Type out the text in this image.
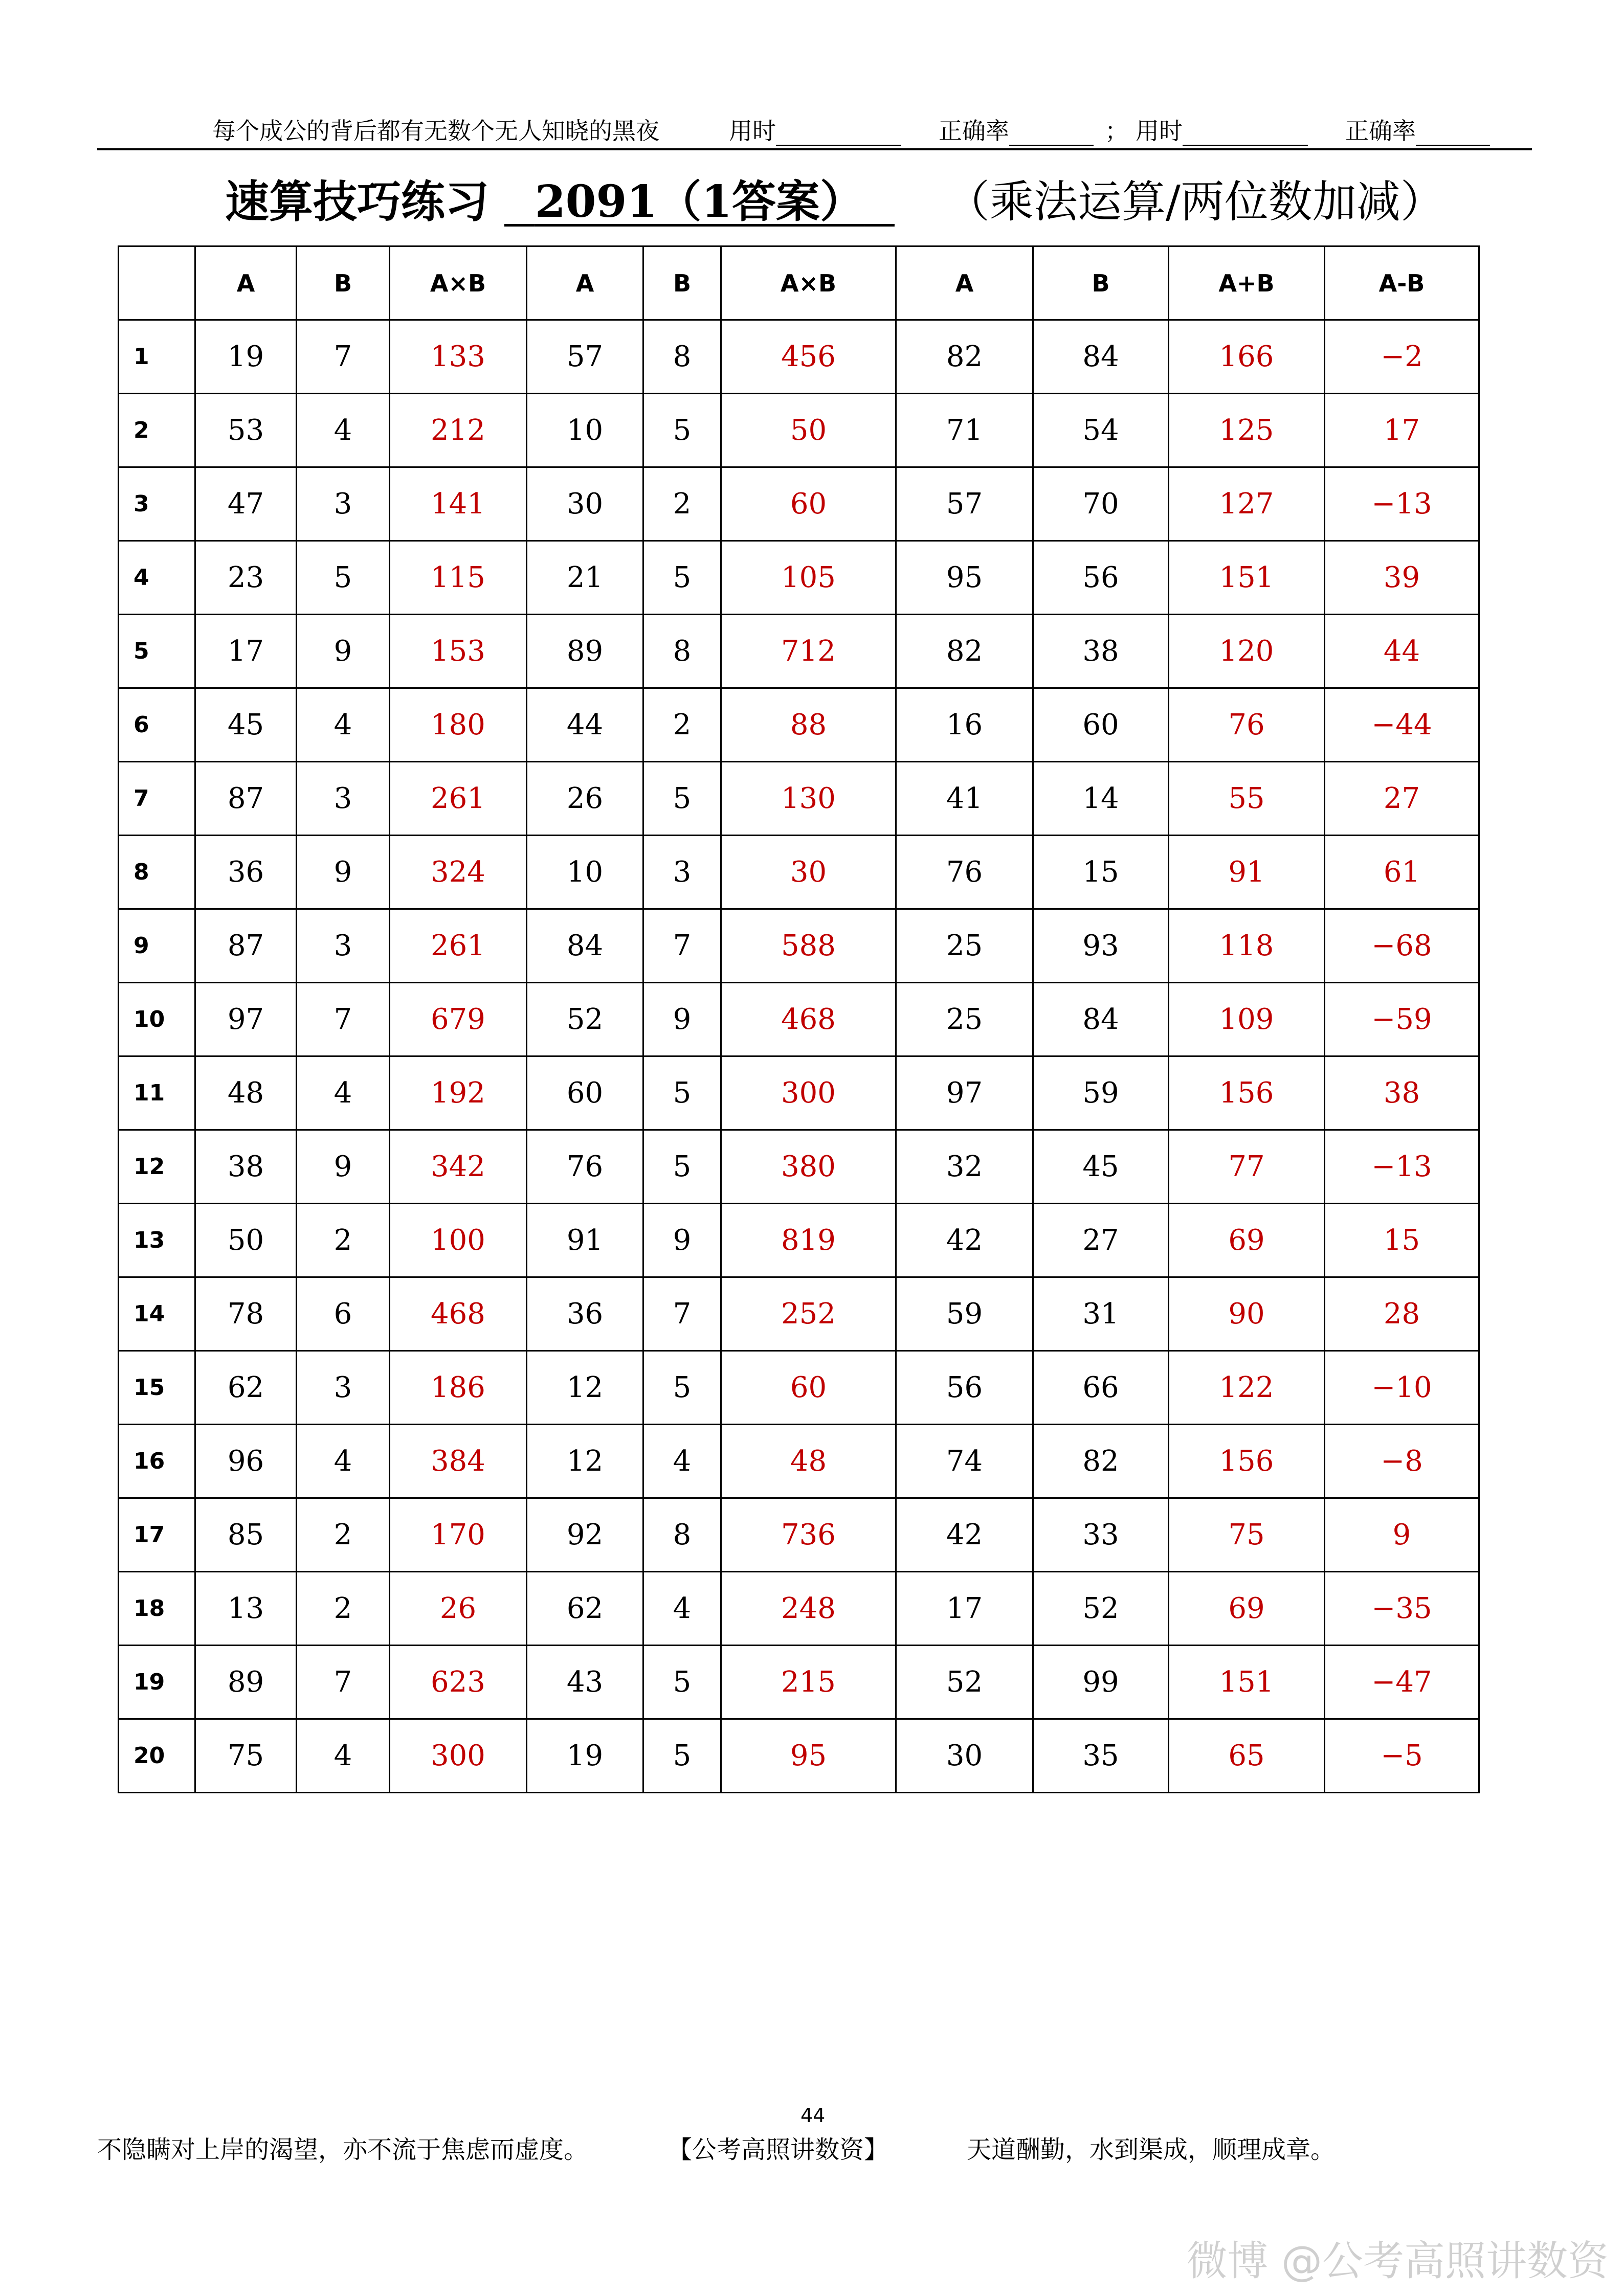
每个成公的背后都有无数个无人知晓的黑夜	用时	正确率	； 用时	正确率
速算技巧练习 2091（1答案） （乘法运算/两位数加减）
	A	B	A×B	A	B	A×B	A	B	A+B	A-B
1	19	7	133	57	8	456	82	84	166	−2
2	53	4	212	10	5	50	71	54	125	17
3	47	3	141	30	2	60	57	70	127	−13
4	23	5	115	21	5	105	95	56	151	39
5	17	9	153	89	8	712	82	38	120	44
6	45	4	180	44	2	88	16	60	76	−44
7	87	3	261	26	5	130	41	14	55	27
8	36	9	324	10	3	30	76	15	91	61
9	87	3	261	84	7	588	25	93	118	−68
10	97	7	679	52	9	468	25	84	109	−59
11	48	4	192	60	5	300	97	59	156	38
12	38	9	342	76	5	380	32	45	77	−13
13	50	2	100	91	9	819	42	27	69	15
14	78	6	468	36	7	252	59	31	90	28
15	62	3	186	12	5	60	56	66	122	−10
16	96	4	384	12	4	48	74	82	156	−8
17	85	2	170	92	8	736	42	33	75	9
18	13	2	26	62	4	248	17	52	69	−35
19	89	7	623	43	5	215	52	99	151	−47
20	75	4	300	19	5	95	30	35	65	−5
44
不隐瞒对上岸的渴望，亦不流于焦虑而虚度。	【公考高照讲数资】	天道酬勤，水到渠成，顺理成章。
微博 @公考高照讲数资
